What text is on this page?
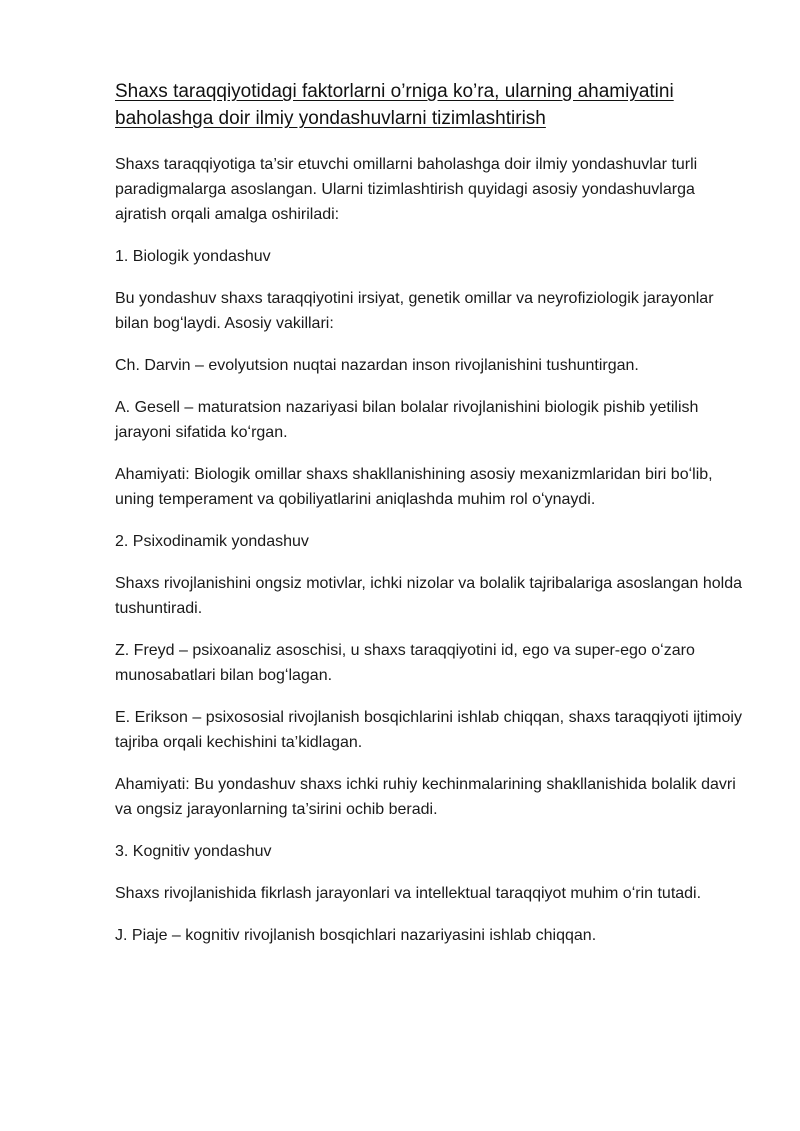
Shaxs taraqqiyotidagi faktorlarni o’rniga ko’ra, ularning ahamiyatini baholashga doir ilmiy yondashuvlarni tizimlashtirish

Shaxs taraqqiyotiga ta’sir etuvchi omillarni baholashga doir ilmiy yondashuvlar turli paradigmalarga asoslangan. Ularni tizimlashtirish quyidagi asosiy yondashuvlarga ajratish orqali amalga oshiriladi:

1. Biologik yondashuv

Bu yondashuv shaxs taraqqiyotini irsiyat, genetik omillar va neyrofiziologik jarayonlar bilan bogʻlaydi. Asosiy vakillari:

Ch. Darvin – evolyutsion nuqtai nazardan inson rivojlanishini tushuntirgan.

A. Gesell – maturatsion nazariyasi bilan bolalar rivojlanishini biologik pishib yetilish jarayoni sifatida koʻrgan.

Ahamiyati: Biologik omillar shaxs shakllanishining asosiy mexanizmlaridan biri boʻlib, uning temperament va qobiliyatlarini aniqlashda muhim rol oʻynaydi.

2. Psixodinamik yondashuv

Shaxs rivojlanishini ongsiz motivlar, ichki nizolar va bolalik tajribalariga asoslangan holda tushuntiradi.

Z. Freyd – psixoanaliz asoschisi, u shaxs taraqqiyotini id, ego va super-ego oʻzaro munosabatlari bilan bogʻlagan.

E. Erikson – psixososial rivojlanish bosqichlarini ishlab chiqqan, shaxs taraqqiyoti ijtimoiy tajriba orqali kechishini ta’kidlagan.

Ahamiyati: Bu yondashuv shaxs ichki ruhiy kechinmalarining shakllanishida bolalik davri va ongsiz jarayonlarning ta’sirini ochib beradi.

3. Kognitiv yondashuv

Shaxs rivojlanishida fikrlash jarayonlari va intellektual taraqqiyot muhim oʻrin tutadi.

J. Piaje – kognitiv rivojlanish bosqichlari nazariyasini ishlab chiqqan.
